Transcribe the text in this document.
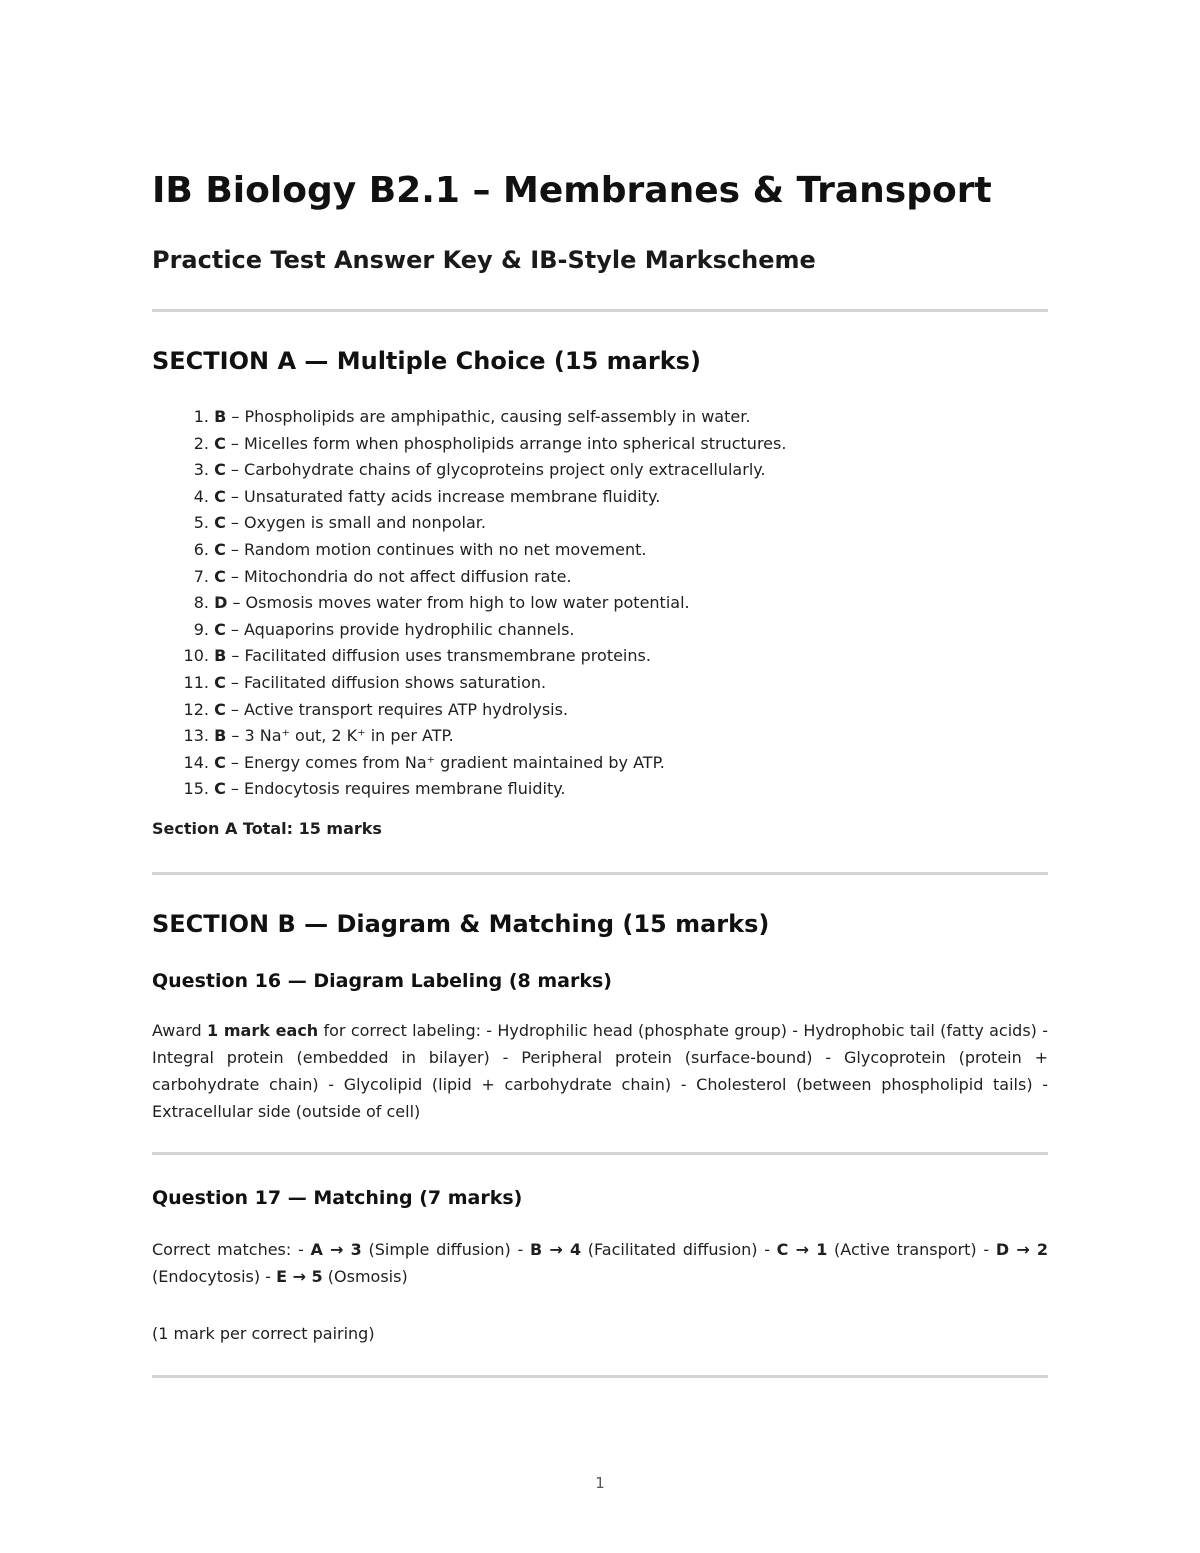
IB Biology B2.1 – Membranes & Transport
Practice Test Answer Key & IB-Style Markscheme
SECTION A — Multiple Choice (15 marks)
1. B – Phospholipids are amphipathic, causing self-assembly in water.
2. C – Micelles form when phospholipids arrange into spherical structures.
3. C – Carbohydrate chains of glycoproteins project only extracellularly.
4. C – Unsaturated fatty acids increase membrane fluidity.
5. C – Oxygen is small and nonpolar.
6. C – Random motion continues with no net movement.
7. C – Mitochondria do not affect diffusion rate.
8. D – Osmosis moves water from high to low water potential.
9. C – Aquaporins provide hydrophilic channels.
10. B – Facilitated diffusion uses transmembrane proteins.
11. C – Facilitated diffusion shows saturation.
12. C – Active transport requires ATP hydrolysis.
13. B – 3 Na⁺ out, 2 K⁺ in per ATP.
14. C – Energy comes from Na⁺ gradient maintained by ATP.
15. C – Endocytosis requires membrane fluidity.
Section A Total: 15 marks
SECTION B — Diagram & Matching (15 marks)
Question 16 — Diagram Labeling (8 marks)

Award 1 mark each for correct labeling: - Hydrophilic head (phosphate group) - Hydrophobic tail (fatty acids) - Integral protein (embedded in bilayer) - Peripheral protein (surface-bound) - Glycoprotein (protein + carbohydrate chain) - Glycolipid (lipid + carbohydrate chain) - Cholesterol (between phospholipid tails) - Extracellular side (outside of cell)

Question 17 — Matching (7 marks)

Correct matches: - A → 3 (Simple diffusion) - B → 4 (Facilitated diffusion) - C → 1 (Active transport) - D → 2 (Endocytosis) - E → 5 (Osmosis)

(1 mark per correct pairing)

1
